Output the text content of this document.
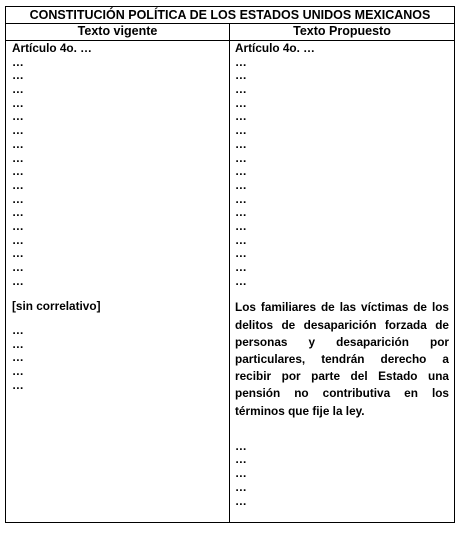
CONSTITUCIÓN POLÍTICA DE LOS ESTADOS UNIDOS MEXICANOS
Texto vigente	Texto Propuesto
Artículo 4o. …
…
…
…
…
…
…
…
…
…
…
…
…
…
…
…
…
…
[sin correlativo]
…
…
…
…
…
Artículo 4o. …
…
…
…
…
…
…
…
…
…
…
…
…
…
…
…
…
…
Los familiares de las víctimas de los delitos de desaparición forzada de personas y desaparición por particulares, tendrán derecho a recibir por parte del Estado una pensión no contributiva en los términos que fije la ley.
…
…
…
…
…
